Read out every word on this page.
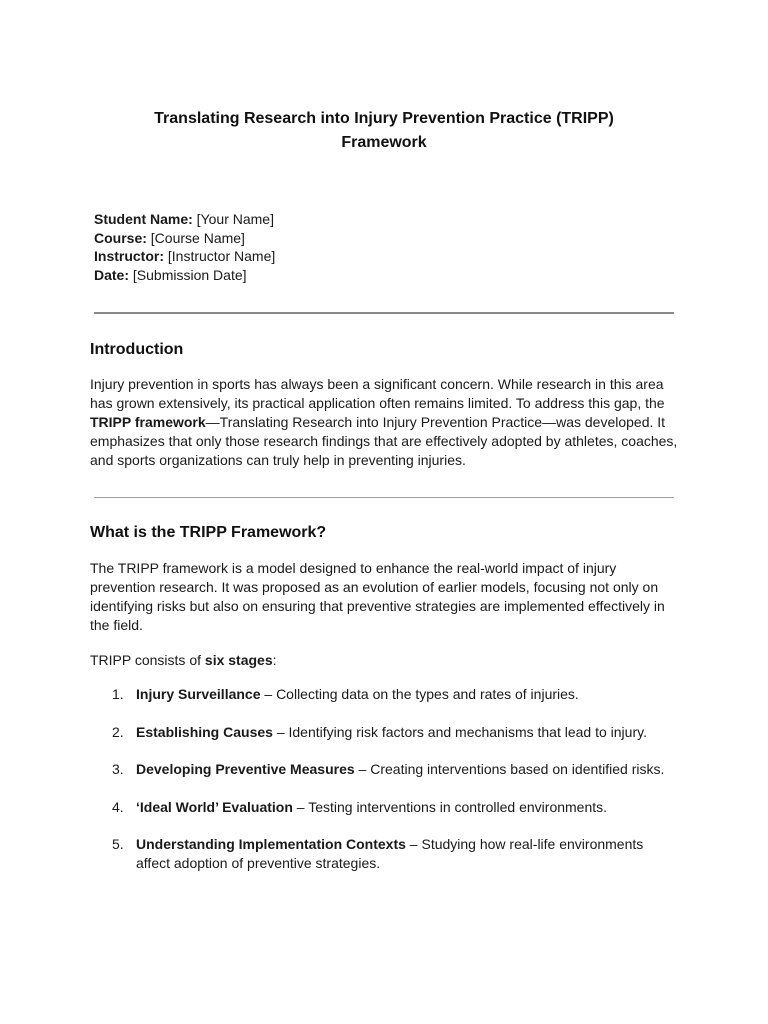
Translating Research into Injury Prevention Practice (TRIPP) Framework
Student Name: [Your Name]
Course: [Course Name]
Instructor: [Instructor Name]
Date: [Submission Date]
Introduction

Injury prevention in sports has always been a significant concern. While research in this area has grown extensively, its practical application often remains limited. To address this gap, the TRIPP framework—Translating Research into Injury Prevention Practice—was developed. It emphasizes that only those research findings that are effectively adopted by athletes, coaches, and sports organizations can truly help in preventing injuries.

What is the TRIPP Framework?

The TRIPP framework is a model designed to enhance the real-world impact of injury prevention research. It was proposed as an evolution of earlier models, focusing not only on identifying risks but also on ensuring that preventive strategies are implemented effectively in the field.

TRIPP consists of six stages:

1. Injury Surveillance – Collecting data on the types and rates of injuries.
2. Establishing Causes – Identifying risk factors and mechanisms that lead to injury.
3. Developing Preventive Measures – Creating interventions based on identified risks.
4. ‘Ideal World’ Evaluation – Testing interventions in controlled environments.
5. Understanding Implementation Contexts – Studying how real-life environments affect adoption of preventive strategies.
